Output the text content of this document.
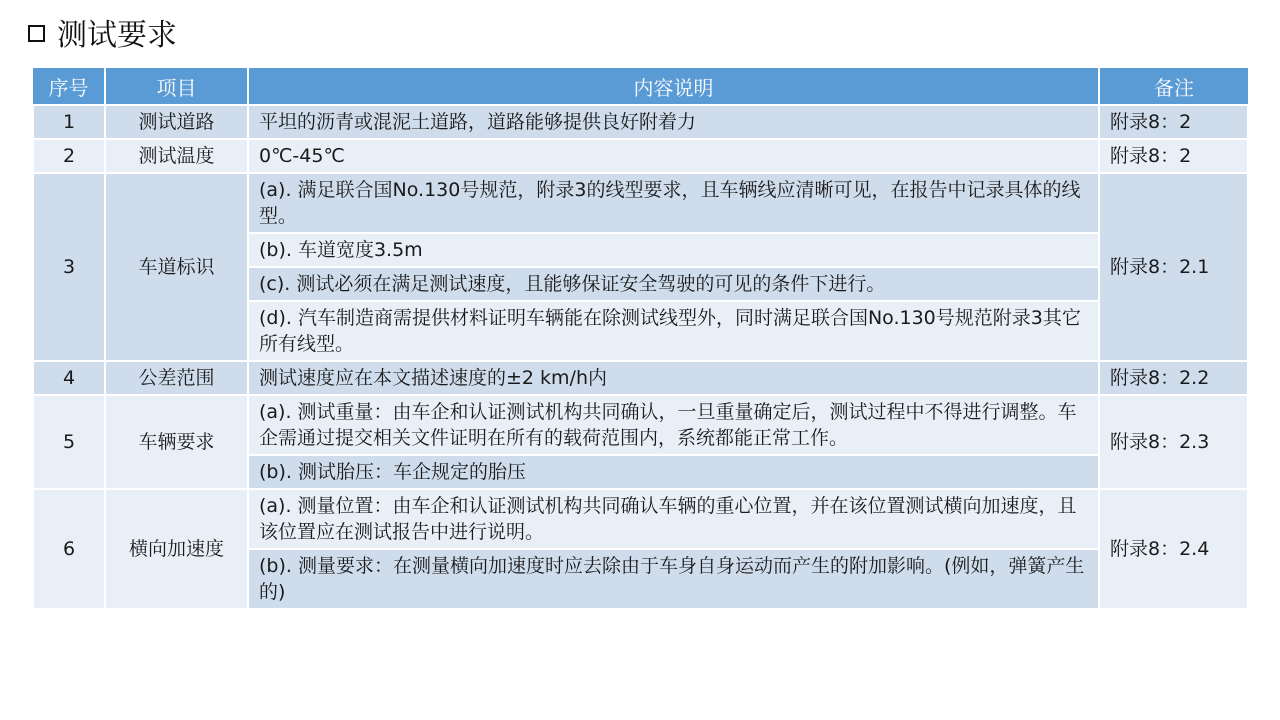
测试要求
序号	项目	内容说明	备注
1	测试道路	平坦的沥青或混泥土道路，道路能够提供良好附着力	附录8：2
2	测试温度	0℃-45℃	附录8：2
3	车道标识	(a). 满足联合国No.130号规范，附录3的线型要求，且车辆线应清晰可见，在报告中记录具体的线型。	附录8：2.1
		(b). 车道宽度3.5m	
		(c). 测试必须在满足测试速度，且能够保证安全驾驶的可见的条件下进行。	
		(d). 汽车制造商需提供材料证明车辆能在除测试线型外，同时满足联合国No.130号规范附录3其它所有线型。	
4	公差范围	测试速度应在本文描述速度的±2 km/h内	附录8：2.2
5	车辆要求	(a). 测试重量：由车企和认证测试机构共同确认，一旦重量确定后，测试过程中不得进行调整。车企需通过提交相关文件证明在所有的载荷范围内，系统都能正常工作。	附录8：2.3
		(b). 测试胎压：车企规定的胎压	
6	横向加速度	(a). 测量位置：由车企和认证测试机构共同确认车辆的重心位置，并在该位置测试横向加速度，且该位置应在测试报告中进行说明。	附录8：2.4
		(b). 测量要求：在测量横向加速度时应去除由于车身自身运动而产生的附加影响。(例如，弹簧产生的)	
